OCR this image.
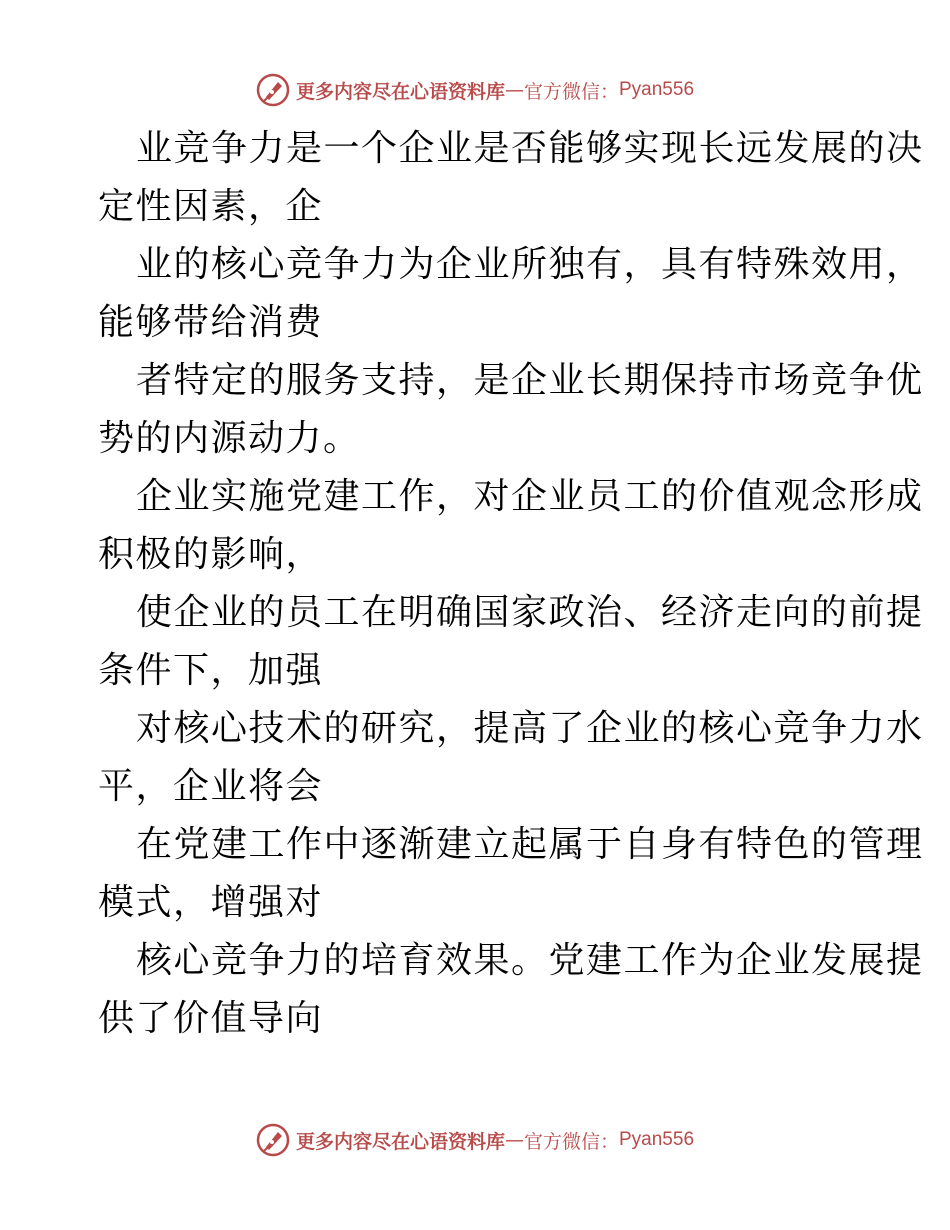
更多内容尽在心语资料库 — 官方微信： Pyan556

业竞争力是一个企业是否能够实现长远发展的决
定性因素，企

业的核心竞争力为企业所独有，具有特殊效用，
能够带给消费

者特定的服务支持，是企业长期保持市场竞争优
势的内源动力。

企业实施党建工作，对企业员工的价值观念形成
积极的影响，

使企业的员工在明确国家政治、经济走向的前提
条件下，加强

对核心技术的研究，提高了企业的核心竞争力水
平，企业将会

在党建工作中逐渐建立起属于自身有特色的管理
模式，增强对

核心竞争力的培育效果。党建工作为企业发展提
供了价值导向

更多内容尽在心语资料库 — 官方微信： Pyan556
